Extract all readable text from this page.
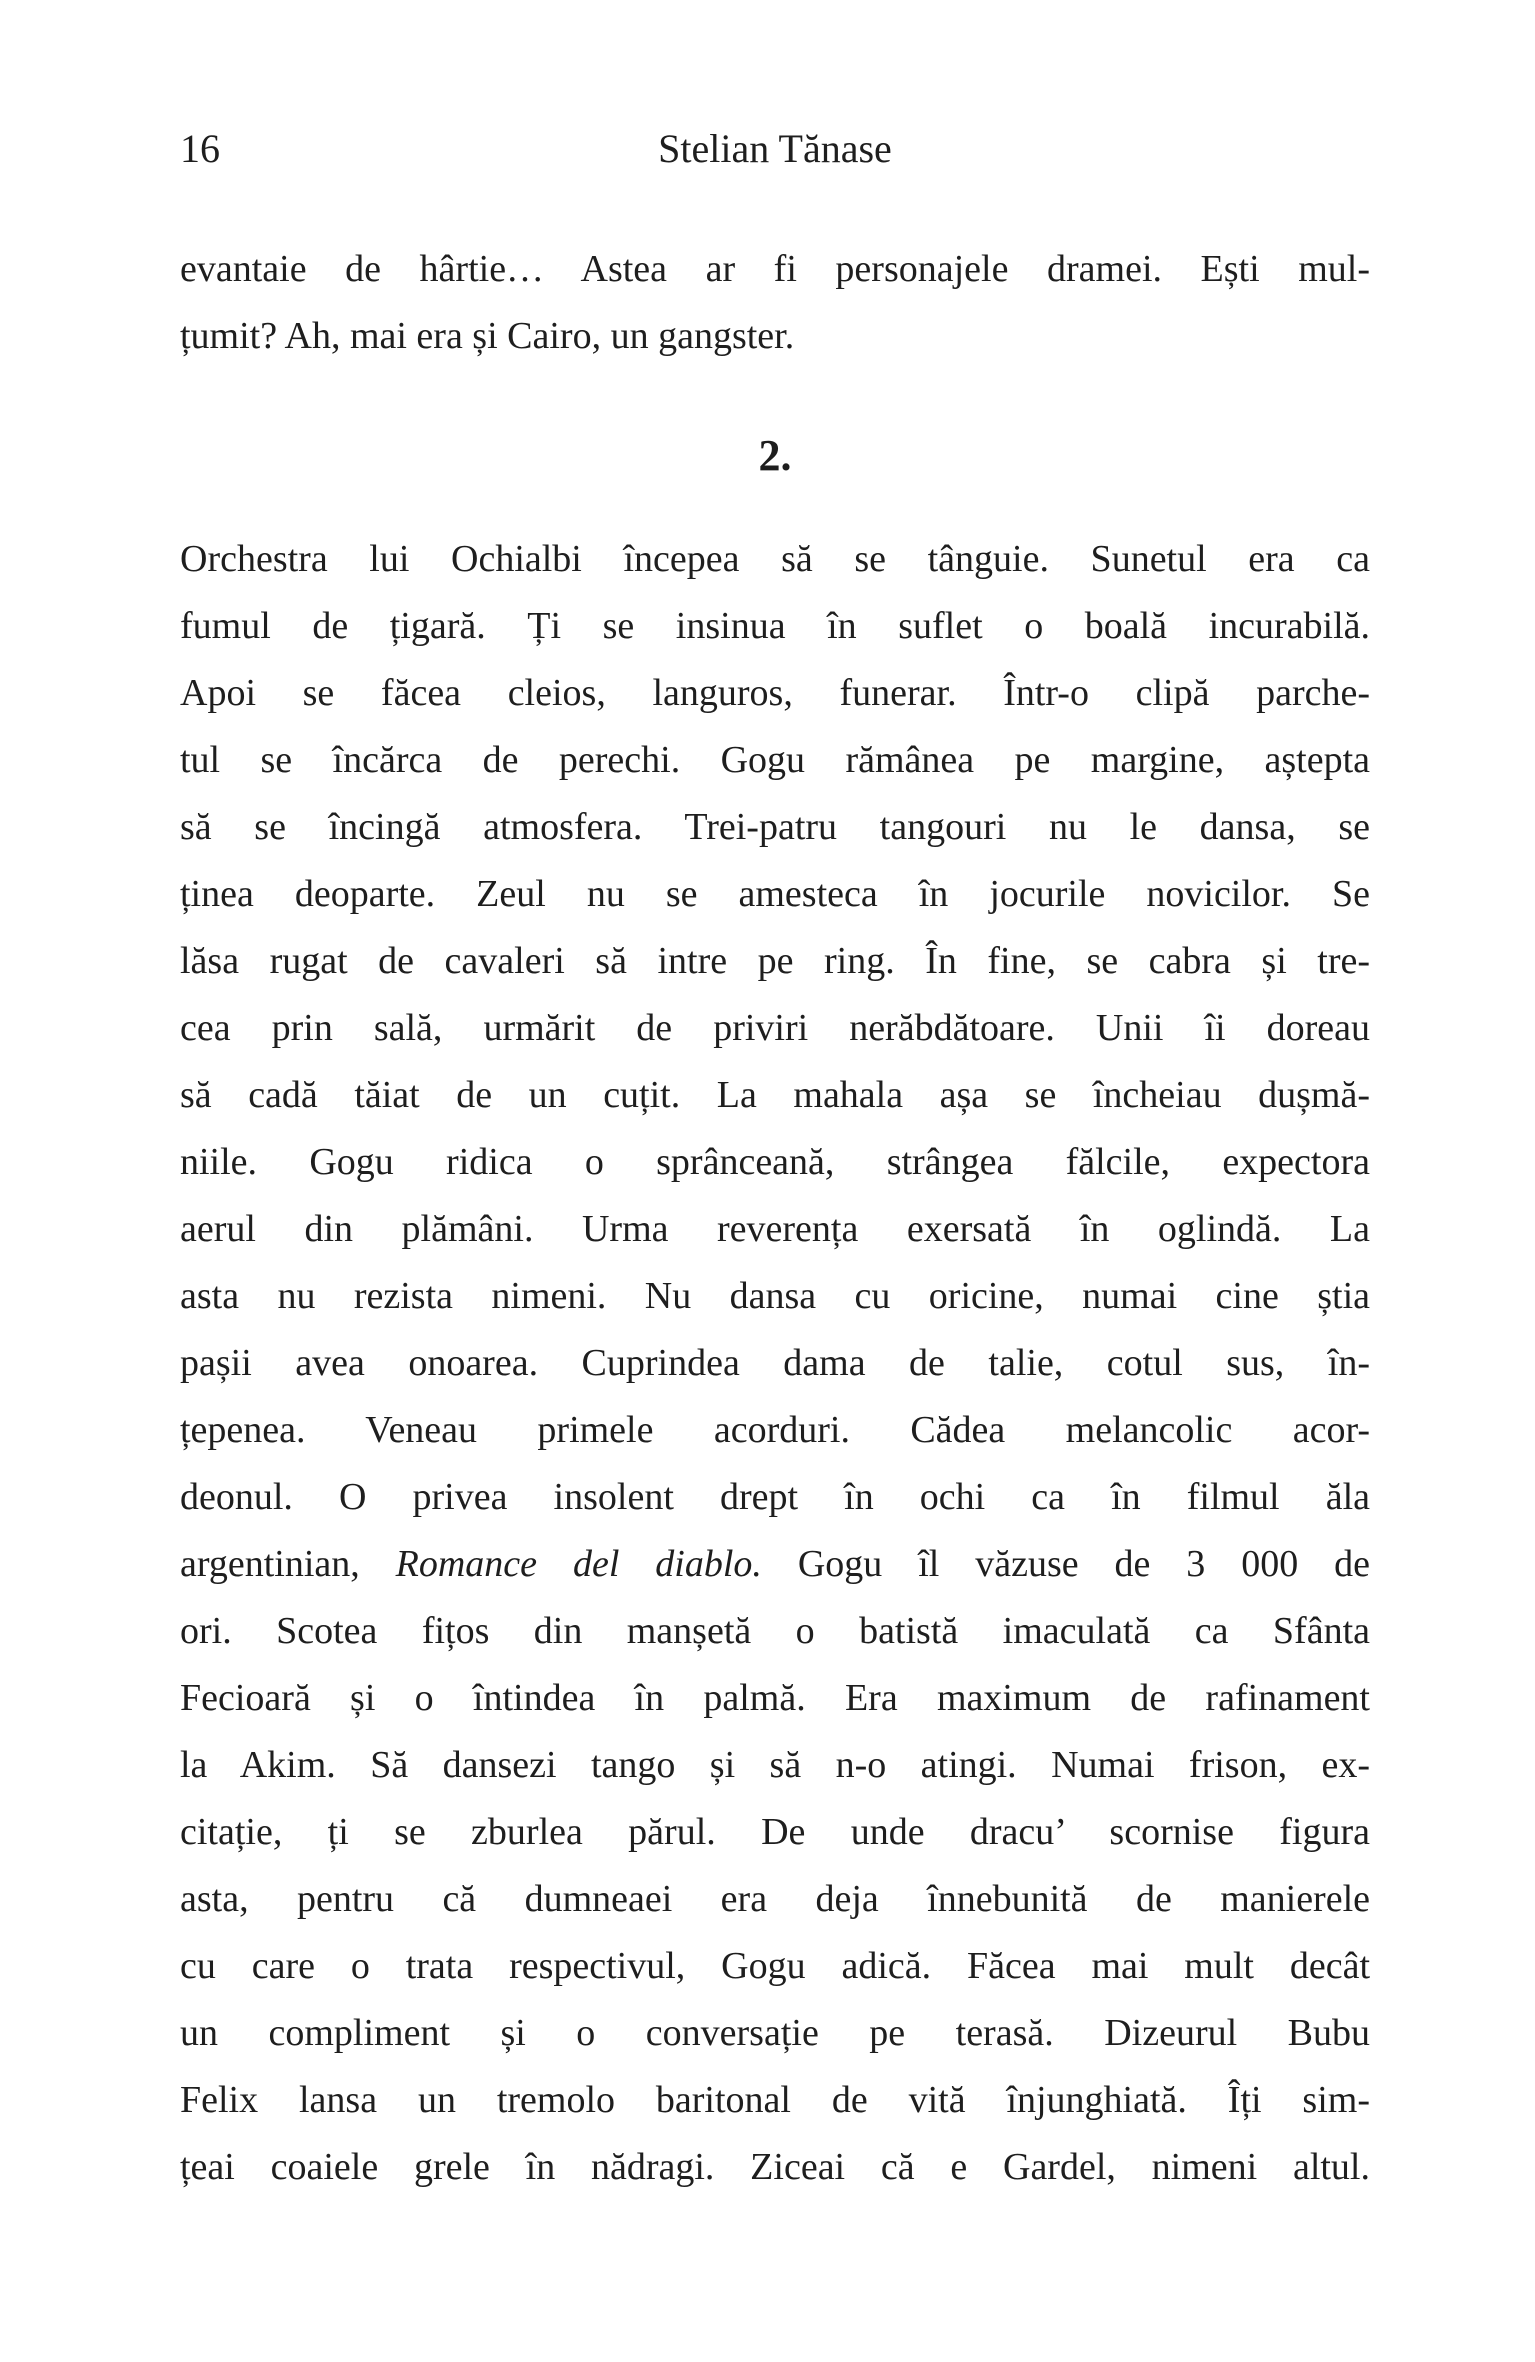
16	Stelian Tănase
evantaie de hârtie… Astea ar fi personajele dramei. Ești mul-
țumit? Ah, mai era și Cairo, un gangster.
2.
Orchestra lui Ochialbi începea să se tânguie. Sunetul era ca
fumul de țigară. Ți se insinua în suflet o boală incurabilă.
Apoi se făcea cleios, languros, funerar. Într-o clipă parche-
tul se încărca de perechi. Gogu rămânea pe margine, aștepta
să se încingă atmosfera. Trei-patru tangouri nu le dansa, se
ținea deoparte. Zeul nu se amesteca în jocurile novicilor. Se
lăsa rugat de cavaleri să intre pe ring. În fine, se cabra și tre-
cea prin sală, urmărit de priviri nerăbdătoare. Unii îi doreau
să cadă tăiat de un cuțit. La mahala așa se încheiau dușmă-
niile. Gogu ridica o sprânceană, strângea fălcile, expectora
aerul din plămâni. Urma reverența exersată în oglindă. La
asta nu rezista nimeni. Nu dansa cu oricine, numai cine știa
pașii avea onoarea. Cuprindea dama de talie, cotul sus, în-
țepenea. Veneau primele acorduri. Cădea melancolic acor-
deonul. O privea insolent drept în ochi ca în filmul ăla
argentinian, Romance del diablo. Gogu îl văzuse de 3 000 de
ori. Scotea fițos din manșetă o batistă imaculată ca Sfânta
Fecioară și o întindea în palmă. Era maximum de rafinament
la Akim. Să dansezi tango și să n-o atingi. Numai frison, ex-
citație, ți se zburlea părul. De unde dracu’ scornise figura
asta, pentru că dumneaei era deja înnebunită de manierele
cu care o trata respectivul, Gogu adică. Făcea mai mult decât
un compliment și o conversație pe terasă. Dizeurul Bubu
Felix lansa un tremolo baritonal de vită înjunghiată. Îți sim-
țeai coaiele grele în nădragi. Ziceai că e Gardel, nimeni altul.
